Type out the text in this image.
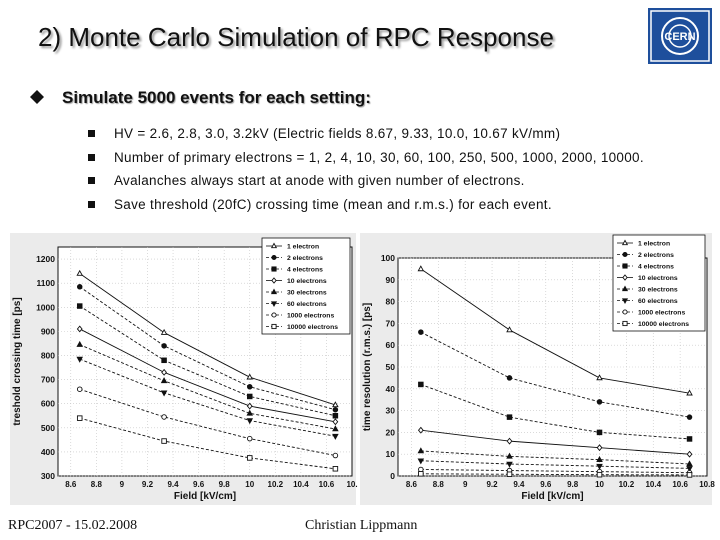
2) Monte Carlo Simulation of RPC Response	CERN
Simulate 5000 events for each setting:
HV = 2.6, 2.8, 3.0, 3.2kV (Electric fields 8.67, 9.33, 10.0, 10.67 kV/mm)
Number of primary electrons = 1, 2, 4, 10, 30, 60, 100, 250, 500, 1000, 2000, 10000.
Avalanches always start at anode with given number of electrons.
Save threshold (20fC) crossing time (mean and r.m.s.) for each event.
8.6 8.8 9 9.2 9.4 9.6 9.8 10 10.2 10.4 10.6 10.
300
400
500
600
700
800
900
1000
1100
1200
Field [kV/cm]
treshold crossing time [ps]
1 electron
2 electrons
4 electrons
10 electrons
30 electrons
60 electrons
1000 electrons
10000 electrons
8.6 8.8 9 9.2 9.4 9.6 9.8 10 10.2 10.4 10.6 10.8
0
10
20
30
40
50
60
70
80
90
100
Field [kV/cm]
time resolution (r.m.s.) [ps]
1 electron
2 electrons
4 electrons
10 electrons
30 electrons
60 electrons
1000 electrons
10000 electrons
RPC2007 - 15.02.2008	Christian Lippmann
